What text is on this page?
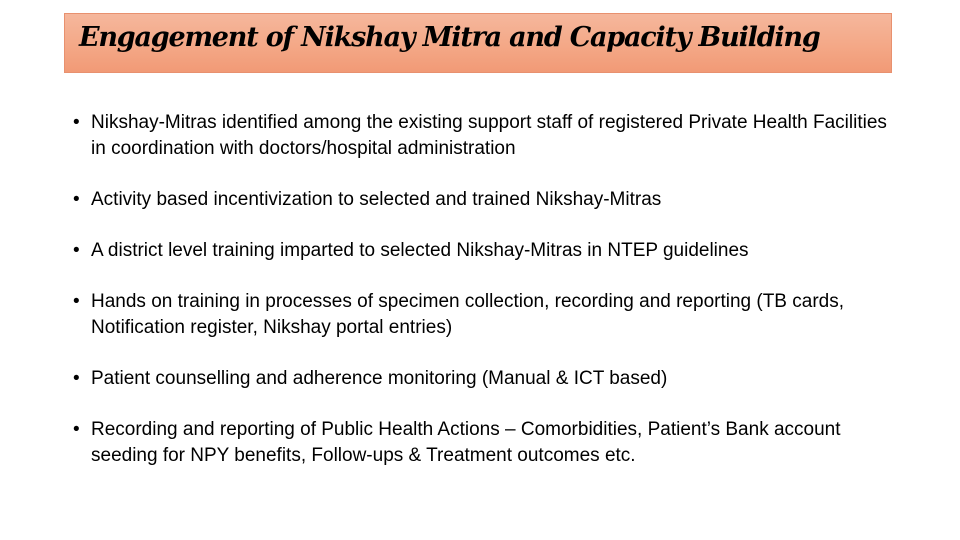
Engagement of Nikshay Mitra and Capacity Building
• Nikshay-Mitras identified among the existing support staff of registered Private Health Facilities in coordination with doctors/hospital administration
• Activity based incentivization to selected and trained Nikshay-Mitras
• A district level training imparted to selected Nikshay-Mitras in NTEP guidelines
• Hands on training in processes of specimen collection, recording and reporting (TB cards, Notification register, Nikshay portal entries)
• Patient counselling and adherence monitoring (Manual & ICT based)
• Recording and reporting of Public Health Actions – Comorbidities, Patient’s Bank account seeding for NPY benefits, Follow-ups & Treatment outcomes etc.
